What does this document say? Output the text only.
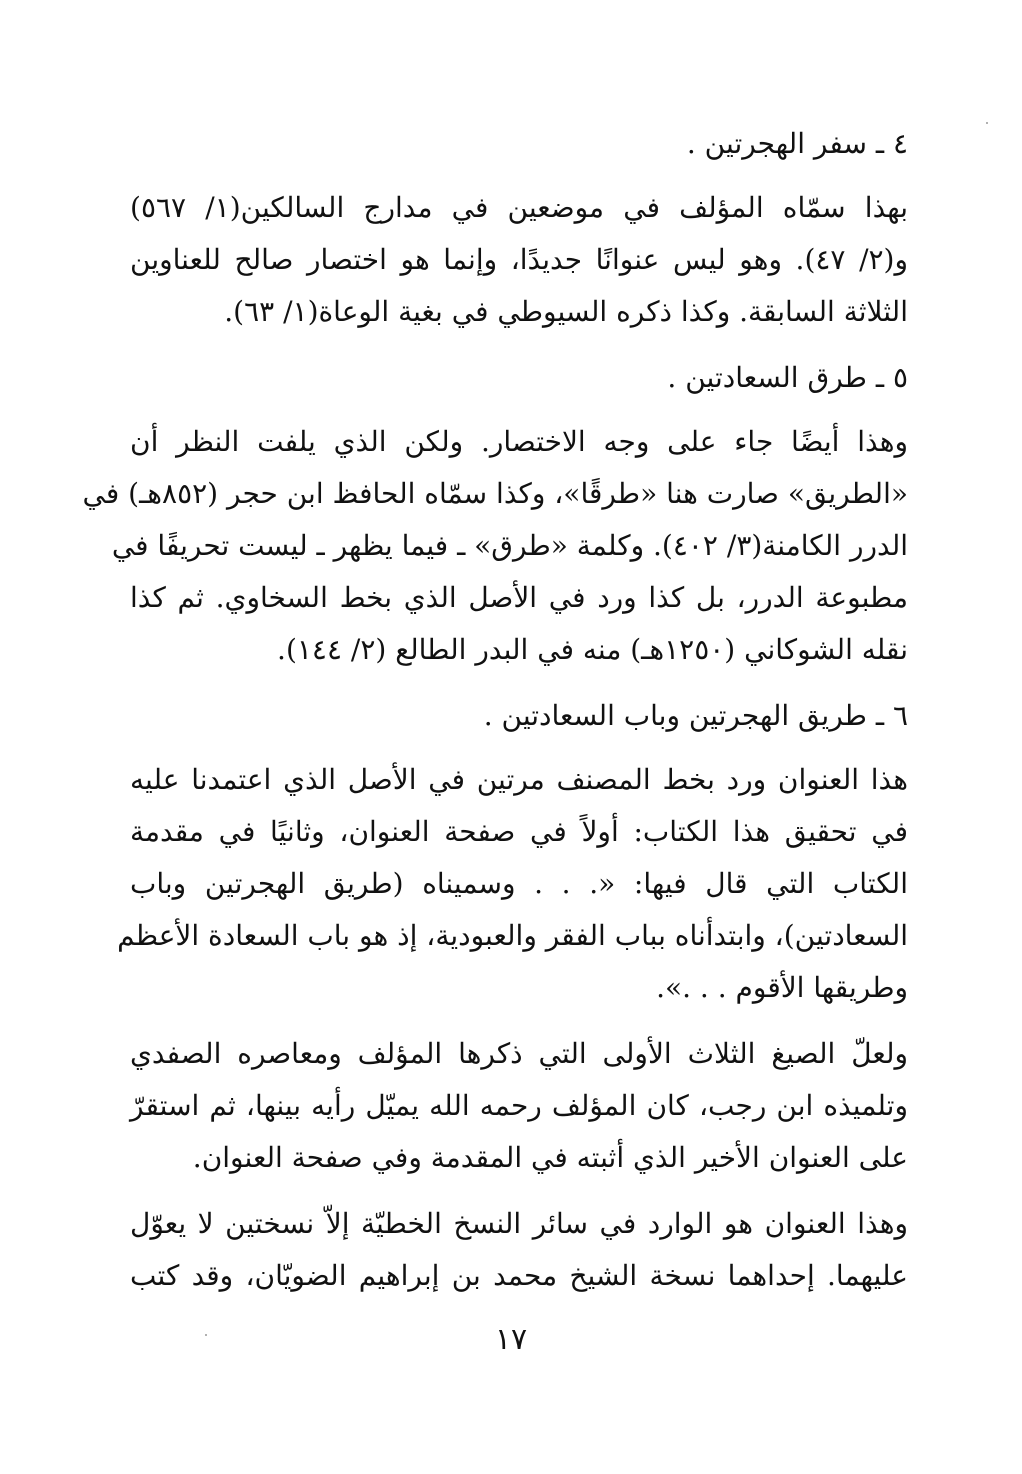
٤ ـ سفر الهجرتين .
بهذا سمّاه المؤلف في موضعين في مدارج السالكين(١/ ٥٦٧)
و(٢/ ٤٧). وهو ليس عنوانًا جديدًا، وإنما هو اختصار صالح للعناوين
الثلاثة السابقة. وكذا ذكره السيوطي في بغية الوعاة(١/ ٦٣).
٥ ـ طرق السعادتين .
وهذا أيضًا جاء على وجه الاختصار. ولكن الذي يلفت النظر أن
«الطريق» صارت هنا «طرقًا»، وكذا سمّاه الحافظ ابن حجر (٨٥٢هـ) في
الدرر الكامنة(٣/ ٤٠٢). وكلمة «طرق» ـ فيما يظهر ـ ليست تحريفًا في
مطبوعة الدرر، بل كذا ورد في الأصل الذي بخط السخاوي. ثم كذا
نقله الشوكاني (١٢٥٠هـ) منه في البدر الطالع (٢/ ١٤٤).
٦ ـ طريق الهجرتين وباب السعادتين .
هذا العنوان ورد بخط المصنف مرتين في الأصل الذي اعتمدنا عليه
في تحقيق هذا الكتاب: أولاً في صفحة العنوان، وثانيًا في مقدمة
الكتاب التي قال فيها: «. . . وسميناه (طريق الهجرتين وباب
السعادتين)، وابتدأناه بباب الفقر والعبودية، إذ هو باب السعادة الأعظم
وطريقها الأقوم . . .».
ولعلّ الصيغ الثلاث الأولى التي ذكرها المؤلف ومعاصره الصفدي
وتلميذه ابن رجب، كان المؤلف رحمه الله يميّل رأيه بينها، ثم استقرّ
على العنوان الأخير الذي أثبته في المقدمة وفي صفحة العنوان.
وهذا العنوان هو الوارد في سائر النسخ الخطيّة إلاّ نسختين لا يعوّل
عليهما. إحداهما نسخة الشيخ محمد بن إبراهيم الضويّان، وقد كتب
١٧
